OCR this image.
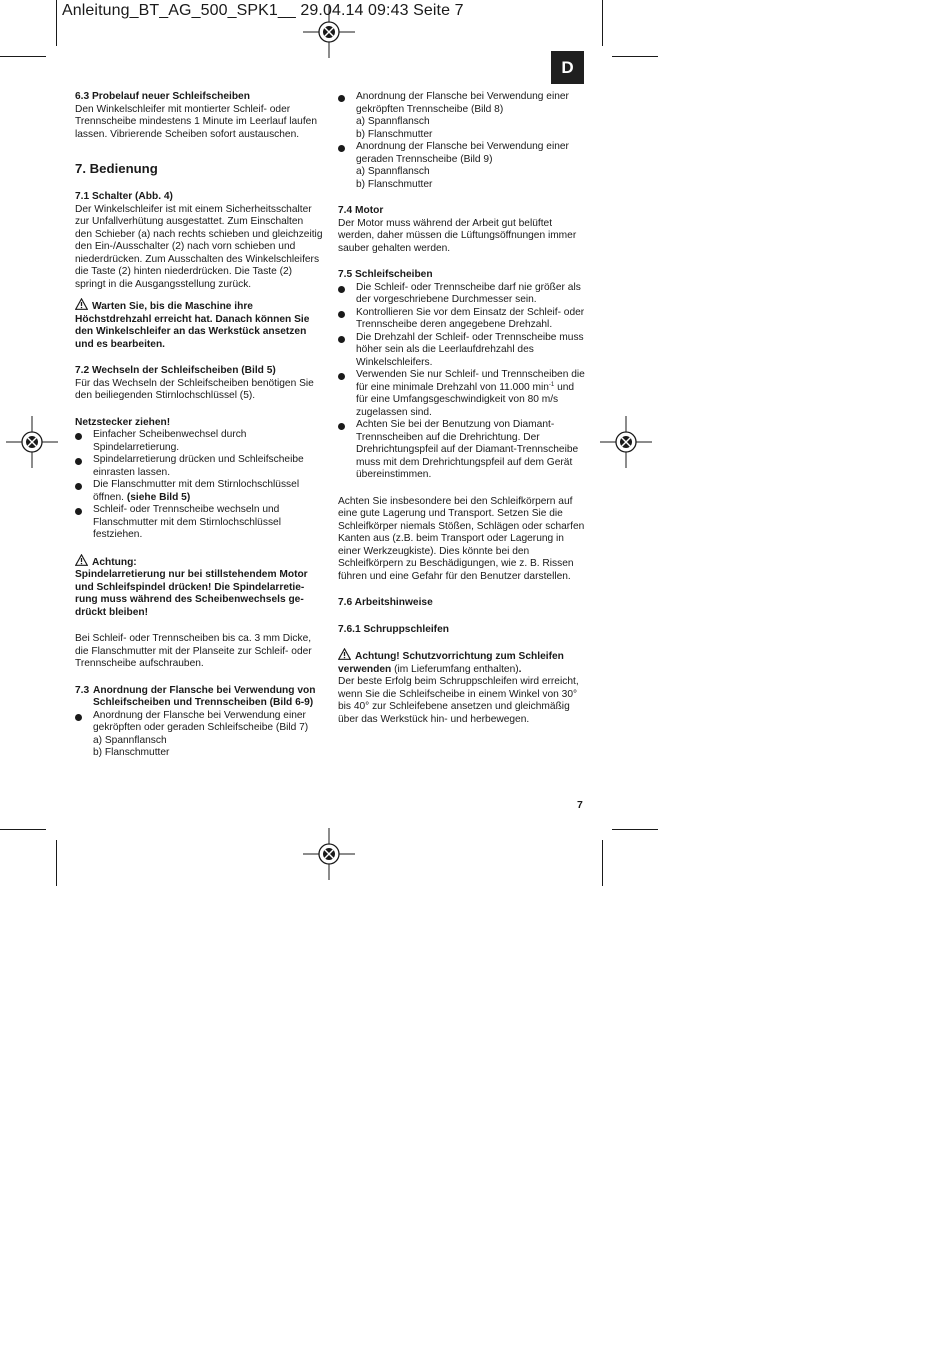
Anleitung_BT_AG_500_SPK1__ 29.04.14 09:43 Seite 7
D

6.3 Probelauf neuer Schleifscheiben

Den Winkelschleifer mit montierter Schleif- oder Trennscheibe mindestens 1 Minute im Leerlauf laufen lassen. Vibrierende Scheiben sofort austauschen.

7. Bedienung

7.1 Schalter (Abb. 4)

Der Winkelschleifer ist mit einem Sicherheitsschalter zur Unfallverhütung ausgestattet. Zum Einschalten den Schieber (a) nach rechts schieben und gleichzeitig den Ein-/Ausschalter (2) nach vorn schieben und niederdrücken. Zum Ausschalten des Winkelschleifers die Taste (2) hinten niederdrücken. Die Taste (2) springt in die Ausgangsstellung zurück.

Warten Sie, bis die Maschine ihre Höchstdrehzahl erreicht hat. Danach können Sie den Winkelschleifer an das Werkstück ansetzen und es bearbeiten.

7.2 Wechseln der Schleifscheiben (Bild 5)

Für das Wechseln der Schleifscheiben benötigen Sie den beiliegenden Stirnlochschlüssel (5).

Netzstecker ziehen!

Einfacher Scheibenwechsel durch Spindelarretierung.
Spindelarretierung drücken und Schleifscheibe einrasten lassen.
Die Flanschmutter mit dem Stirnlochschlüssel öffnen. (siehe Bild 5)
Schleif- oder Trennscheibe wechseln und Flanschmutter mit dem Stirnlochschlüssel festziehen.

Achtung:

Spindelarretierung nur bei stillstehendem Motor und Schleifspindel drücken! Die Spindelarretie-rung muss während des Scheibenwechsels ge-drückt bleiben!

Bei Schleif- oder Trennscheiben bis ca. 3 mm Dicke, die Flanschmutter mit der Planseite zur Schleif- oder Trennscheibe aufschrauben.

7.3 Anordnung der Flansche bei Verwendung von Schleifscheiben und Trennscheiben (Bild 6-9)
Anordnung der Flansche bei Verwendung einer gekröpften oder geraden Schleifscheibe (Bild 7)
a) Spannflansch
b) Flanschmutter
Anordnung der Flansche bei Verwendung einer gekröpften Trennscheibe (Bild 8)
a) Spannflansch
b) Flanschmutter
Anordnung der Flansche bei Verwendung einer geraden Trennscheibe (Bild 9)
a) Spannflansch
b) Flanschmutter

7.4 Motor

Der Motor muss während der Arbeit gut belüftet werden, daher müssen die Lüftungsöffnungen immer sauber gehalten werden.

7.5 Schleifscheiben

Die Schleif- oder Trennscheibe darf nie größer als der vorgeschriebene Durchmesser sein.
Kontrollieren Sie vor dem Einsatz der Schleif- oder Trennscheibe deren angegebene Drehzahl.
Die Drehzahl der Schleif- oder Trennscheibe muss höher sein als die Leerlaufdrehzahl des Winkelschleifers.
Verwenden Sie nur Schleif- und Trennscheiben die für eine minimale Drehzahl von 11.000 $\min^{-1}$ und für eine Umfangsgeschwindigkeit von 80 m/s zugelassen sind.
Achten Sie bei der Benutzung von Diamant-Trennscheiben auf die Drehrichtung. Der Drehrichtungspfeil auf der Diamant-Trennscheibe muss mit dem Drehrichtungspfeil auf dem Gerät übereinstimmen.

Achten Sie insbesondere bei den Schleifkörpern auf eine gute Lagerung und Transport. Setzen Sie die Schleifkörper niemals Stößen, Schlägen oder scharfen Kanten aus (z.B. beim Transport oder Lagerung in einer Werkzeugkiste). Dies könnte bei den Schleifkörpern zu Beschädigungen, wie z. B. Rissen führen und eine Gefahr für den Benutzer darstellen.

7.6 Arbeitshinweise

7.6.1 Schruppschleifen

Achtung! Schutzvorrichtung zum Schleifen verwenden (im Lieferumfang enthalten).

Der beste Erfolg beim Schruppschleifen wird erreicht, wenn Sie die Schleifscheibe in einem Winkel von 30° bis 40° zur Schleifebene ansetzen und gleichmäßig über das Werkstück hin- und herbewegen.

7
